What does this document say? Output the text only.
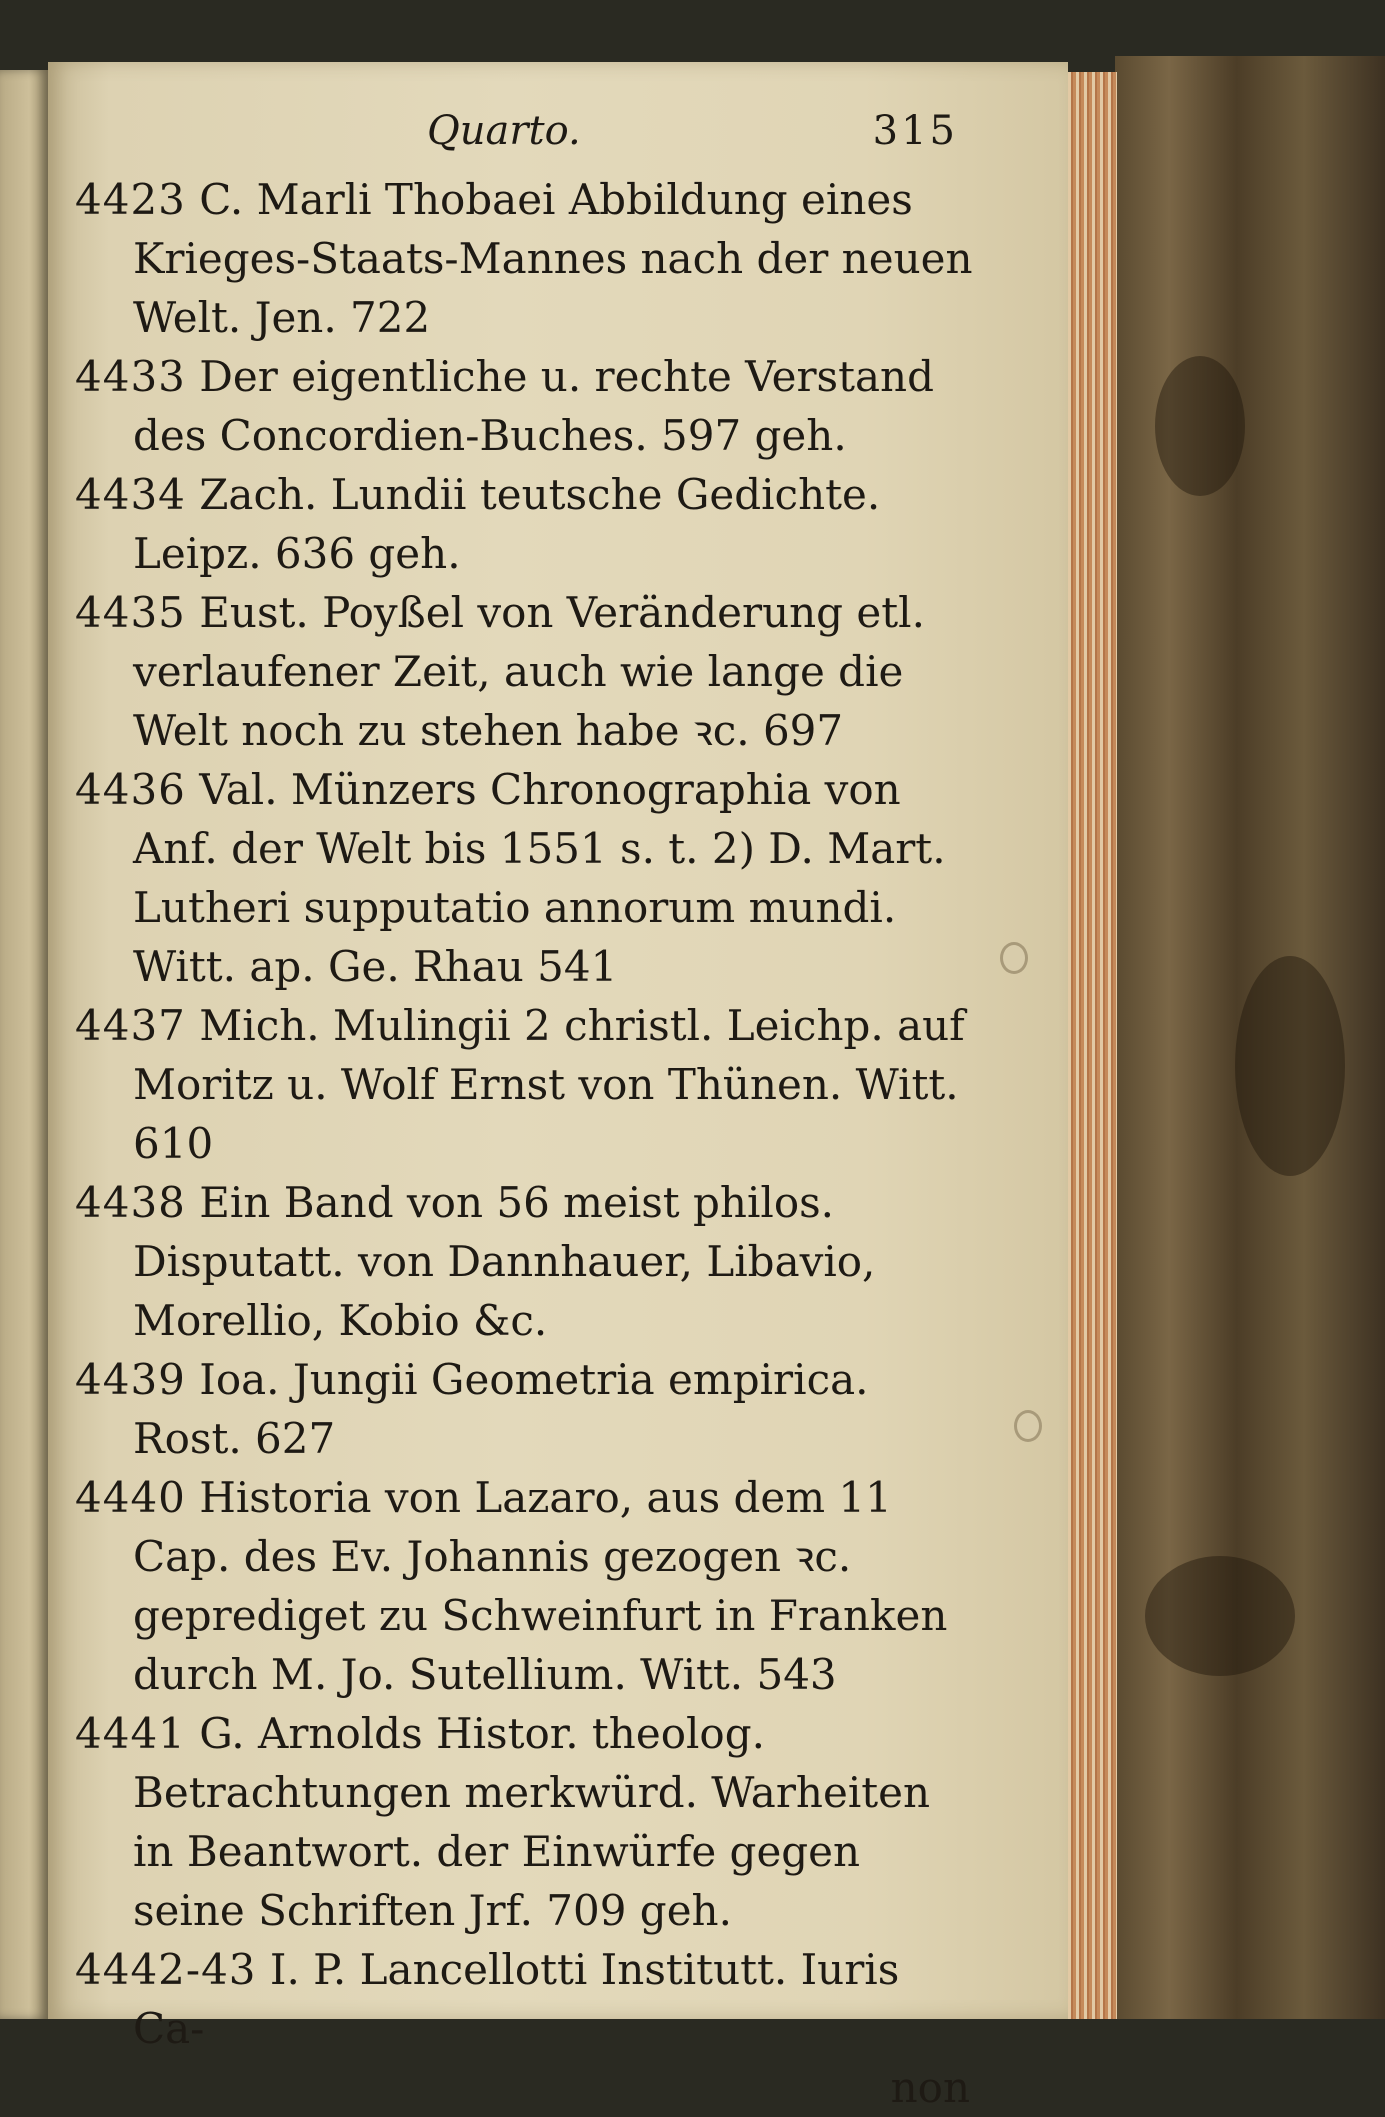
Quarto.	315
4423 C. Marli Thobaei Abbildung eines Krieges-Staats-Mannes nach der neuen Welt. Jen. 722
4433 Der eigentliche u. rechte Verstand des Concordien-Buches. 597 geh.
4434 Zach. Lundii teutsche Gedichte. Leipz. 636 geh.
4435 Eust. Poyßel von Veränderung etl. verlaufener Zeit, auch wie lange die Welt noch zu stehen habe ꝛc. 697
4436 Val. Münzers Chronographia von Anf. der Welt bis 1551 s. t. 2) D. Mart. Lutheri supputatio annorum mundi. Witt. ap. Ge. Rhau 541
4437 Mich. Mulingii 2 christl. Leichp. auf Moritz u. Wolf Ernst von Thünen. Witt. 610
4438 Ein Band von 56 meist philos. Disputatt. von Dannhauer, Libavio, Morellio, Kobio &c.
4439 Ioa. Jungii Geometria empirica. Rost. 627
4440 Historia von Lazaro, aus dem 11 Cap. des Ev. Johannis gezogen ꝛc. geprediget zu Schweinfurt in Franken durch M. Jo. Sutellium. Witt. 543
4441 G. Arnolds Histor. theolog. Betrachtungen merkwürd. Warheiten in Beantwort. der Einwürfe gegen seine Schriften Jrf. 709 geh.
4442-43 I. P. Lancellotti Institutt. Iuris Ca-
non
